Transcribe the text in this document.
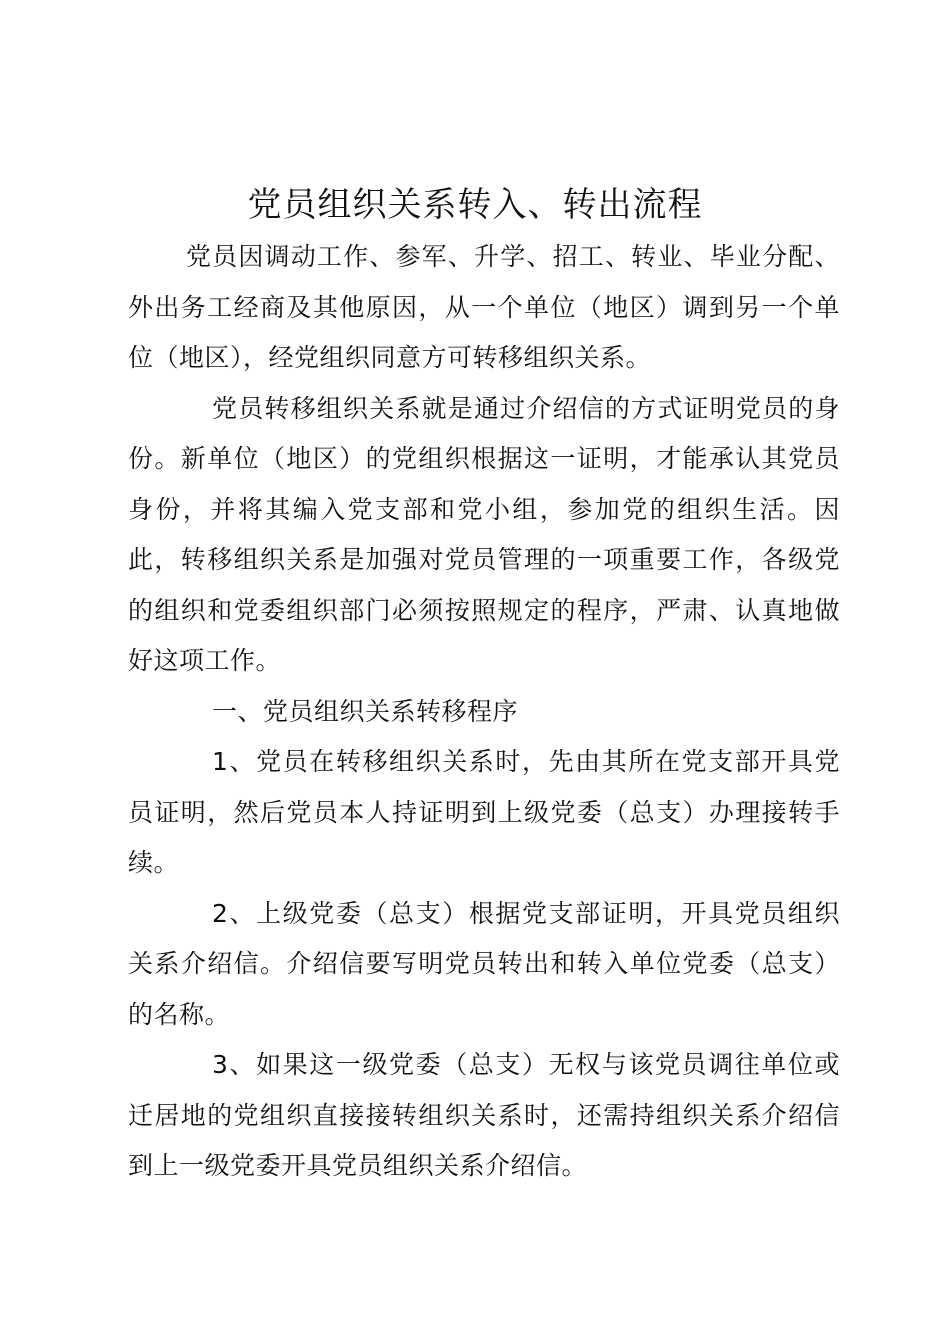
党员组织关系转入、转出流程

党员因调动工作、参军、升学、招工、转业、毕业分配、外出务工经商及其他原因，从一个单位（地区）调到另一个单位（地区），经党组织同意方可转移组织关系。

党员转移组织关系就是通过介绍信的方式证明党员的身份。新单位（地区）的党组织根据这一证明，才能承认其党员身份，并将其编入党支部和党小组，参加党的组织生活。因此，转移组织关系是加强对党员管理的一项重要工作，各级党的组织和党委组织部门必须按照规定的程序，严肃、认真地做好这项工作。

一、党员组织关系转移程序

1、党员在转移组织关系时，先由其所在党支部开具党员证明，然后党员本人持证明到上级党委（总支）办理接转手续。

2、上级党委（总支）根据党支部证明，开具党员组织关系介绍信。介绍信要写明党员转出和转入单位党委（总支）的名称。

3、如果这一级党委（总支）无权与该党员调往单位或迁居地的党组织直接接转组织关系时，还需持组织关系介绍信到上一级党委开具党员组织关系介绍信。
